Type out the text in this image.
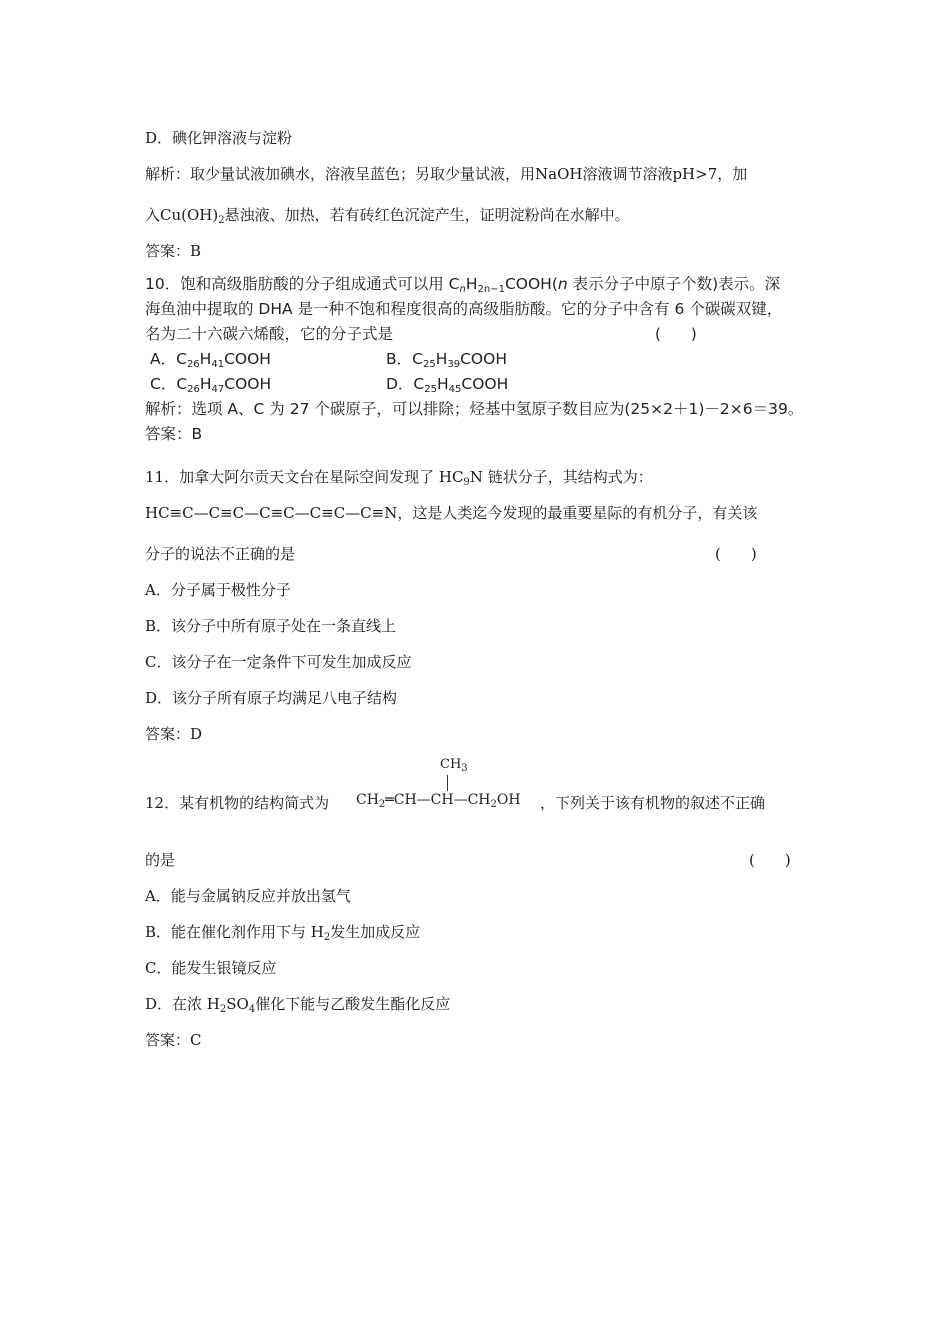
D．碘化钾溶液与淀粉
解析：取少量试液加碘水，溶液呈蓝色；另取少量试液，用NaOH溶液调节溶液pH>7，加
入$Cu(OH)_2$悬浊液、加热，若有砖红色沉淀产生，证明淀粉尚在水解中。
答案：B
10．饱和高级脂肪酸的分子组成通式可以用 $C_nH_{2n-1}COOH(n$ 表示分子中原子个数)表示。深
海鱼油中提取的 DHA 是一种不饱和程度很高的高级脂肪酸。它的分子中含有 6 个碳碳双键，
名为二十六碳六烯酸，它的分子式是	(　　)
A．$C_{26}H_{41}COOH$	B．$C_{25}H_{39}COOH$
C．$C_{26}H_{47}COOH$	D．$C_{25}H_{45}COOH$
解析：选项 A、C 为 27 个碳原子，可以排除；烃基中氢原子数目应为(25×2＋1)－2×6＝39。
答案：B
11．加拿大阿尔贡天文台在星际空间发现了 $HC_9N$ 链状分子，其结构式为：
HC≡C—C≡C—C≡C—C≡C—C≡N，这是人类迄今发现的最重要星际的有机分子，有关该
分子的说法不正确的是	(　　)
A．分子属于极性分子
B．该分子中所有原子处在一条直线上
C．该分子在一定条件下可发生加成反应
D．该分子所有原子均满足八电子结构
答案：D
$CH_3$
12．某有机物的结构简式为 $CH_2═CH—CH—CH_2OH$ ，下列关于该有机物的叙述不正确
的是	(　　)
A．能与金属钠反应并放出氢气
B．能在催化剂作用下与 $H_2$发生加成反应
C．能发生银镜反应
D．在浓 $H_2SO_4$催化下能与乙酸发生酯化反应
答案：C
